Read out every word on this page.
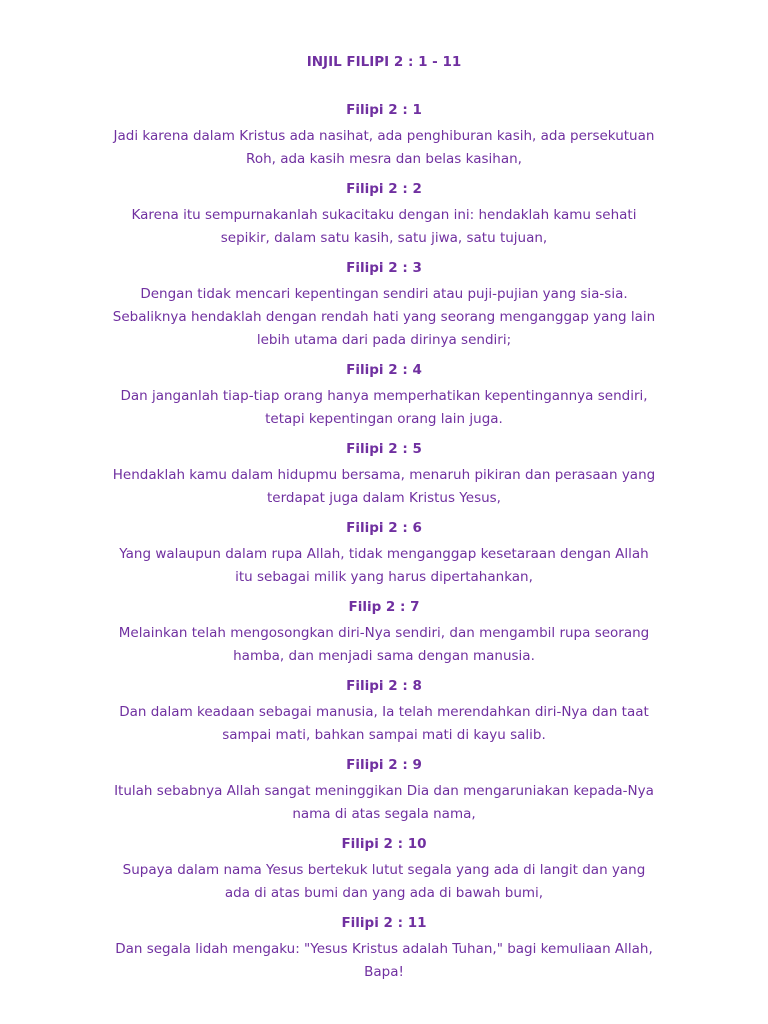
INJIL FILIPI 2 : 1 - 11
Filipi 2 : 1
Jadi karena dalam Kristus ada nasihat, ada penghiburan kasih, ada persekutuan
Roh, ada kasih mesra dan belas kasihan,
Filipi 2 : 2
Karena itu sempurnakanlah sukacitaku dengan ini: hendaklah kamu sehati
sepikir, dalam satu kasih, satu jiwa, satu tujuan,
Filipi 2 : 3
Dengan tidak mencari kepentingan sendiri atau puji-pujian yang sia-sia.
Sebaliknya hendaklah dengan rendah hati yang seorang menganggap yang lain
lebih utama dari pada dirinya sendiri;
Filipi 2 : 4
Dan janganlah tiap-tiap orang hanya memperhatikan kepentingannya sendiri,
tetapi kepentingan orang lain juga.
Filipi 2 : 5
Hendaklah kamu dalam hidupmu bersama, menaruh pikiran dan perasaan yang
terdapat juga dalam Kristus Yesus,
Filipi 2 : 6
Yang walaupun dalam rupa Allah, tidak menganggap kesetaraan dengan Allah
itu sebagai milik yang harus dipertahankan,
Filip 2 : 7
Melainkan telah mengosongkan diri-Nya sendiri, dan mengambil rupa seorang
hamba, dan menjadi sama dengan manusia.
Filipi 2 : 8
Dan dalam keadaan sebagai manusia, Ia telah merendahkan diri-Nya dan taat
sampai mati, bahkan sampai mati di kayu salib.
Filipi 2 : 9
Itulah sebabnya Allah sangat meninggikan Dia dan mengaruniakan kepada-Nya
nama di atas segala nama,
Filipi 2 : 10
Supaya dalam nama Yesus bertekuk lutut segala yang ada di langit dan yang
ada di atas bumi dan yang ada di bawah bumi,
Filipi 2 : 11
Dan segala lidah mengaku: "Yesus Kristus adalah Tuhan," bagi kemuliaan Allah,
Bapa!
